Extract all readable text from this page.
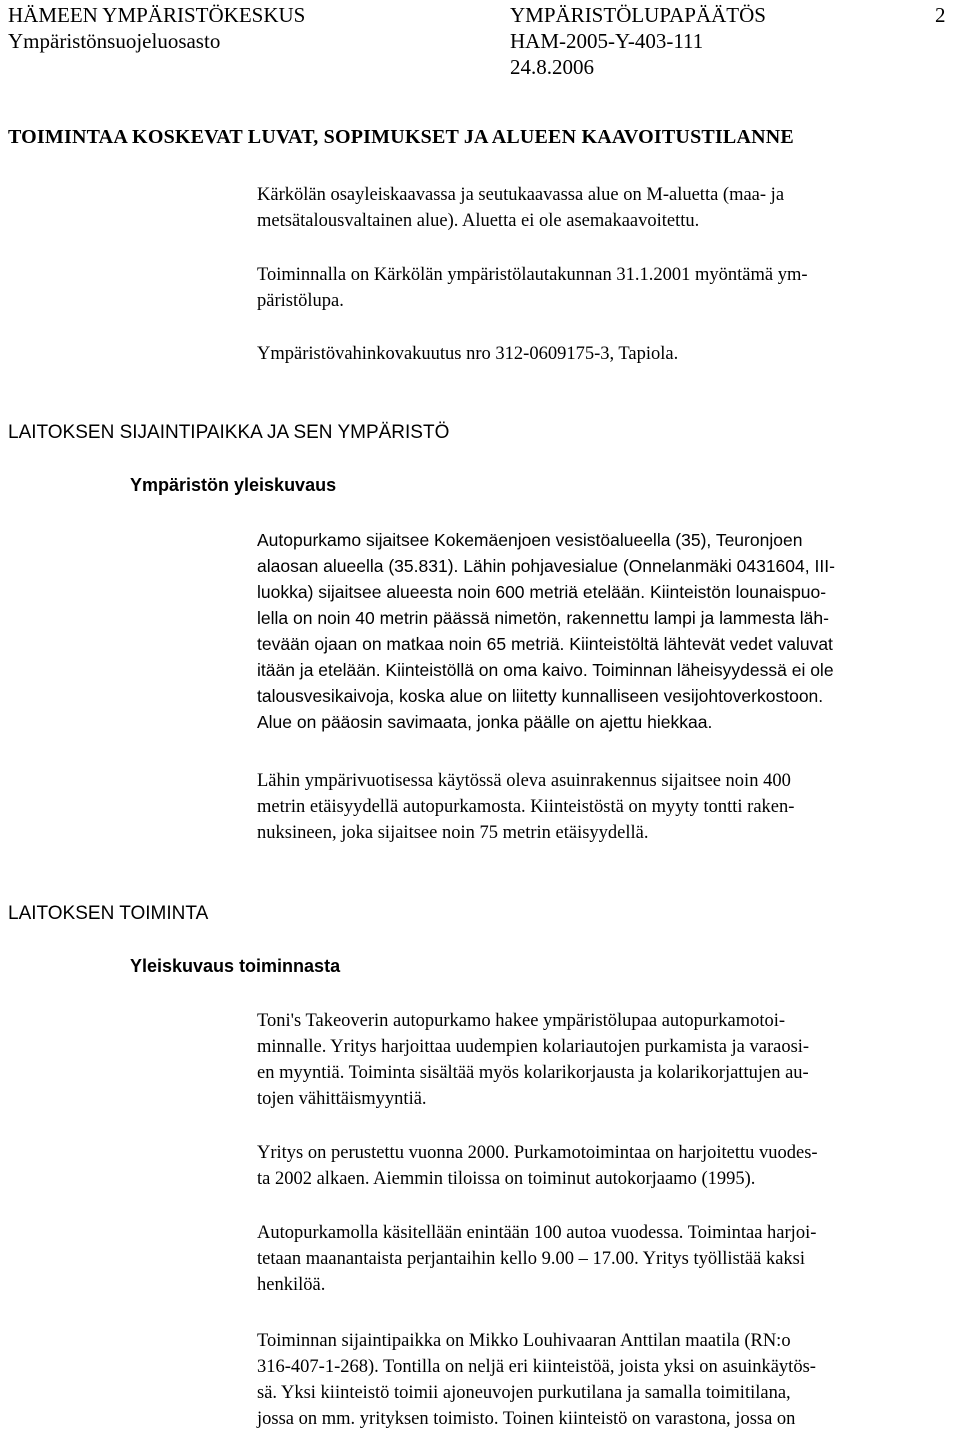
HÄMEEN YMPÄRISTÖKESKUS
Ympäristönsuojeluosasto
YMPÄRISTÖLUPAPÄÄTÖS
HAM-2005-Y-403-111
24.8.2006
2
TOIMINTAA KOSKEVAT LUVAT, SOPIMUKSET JA ALUEEN KAAVOITUSTILANNE
Kärkölän osayleiskaavassa ja seutukaavassa alue on M-aluetta (maa- ja
metsätalousvaltainen alue). Aluetta ei ole asemakaavoitettu.
Toiminnalla on Kärkölän ympäristölautakunnan 31.1.2001 myöntämä ym-
päristölupa.
Ympäristövahinkovakuutus nro 312-0609175-3, Tapiola.
LAITOKSEN SIJAINTIPAIKKA JA SEN YMPÄRISTÖ
Ympäristön yleiskuvaus
Autopurkamo sijaitsee Kokemäenjoen vesistöalueella (35), Teuronjoen
alaosan alueella (35.831). Lähin pohjavesialue (Onnelanmäki 0431604, III-
luokka) sijaitsee alueesta noin 600 metriä etelään. Kiinteistön lounaispuo-
lella on noin 40 metrin päässä nimetön, rakennettu lampi ja lammesta läh-
tevään ojaan on matkaa noin 65 metriä. Kiinteistöltä lähtevät vedet valuvat
itään ja etelään. Kiinteistöllä on oma kaivo. Toiminnan läheisyydessä ei ole
talousvesikaivoja, koska alue on liitetty kunnalliseen vesijohtoverkostoon.
Alue on pääosin savimaata, jonka päälle on ajettu hiekkaa.
Lähin ympärivuotisessa käytössä oleva asuinrakennus sijaitsee noin 400
metrin etäisyydellä autopurkamosta. Kiinteistöstä on myyty tontti raken-
nuksineen, joka sijaitsee noin 75 metrin etäisyydellä.
LAITOKSEN TOIMINTA
Yleiskuvaus toiminnasta
Toni's Takeoverin autopurkamo hakee ympäristölupaa autopurkamotoi-
minnalle. Yritys harjoittaa uudempien kolariautojen purkamista ja varaosi-
en myyntiä. Toiminta sisältää myös kolarikorjausta ja kolarikorjattujen au-
tojen vähittäismyyntiä.
Yritys on perustettu vuonna 2000. Purkamotoimintaa on harjoitettu vuodes-
ta 2002 alkaen. Aiemmin tiloissa on toiminut autokorjaamo (1995).
Autopurkamolla käsitellään enintään 100 autoa vuodessa. Toimintaa harjoi-
tetaan maanantaista perjantaihin kello 9.00 – 17.00. Yritys työllistää kaksi
henkilöä.
Toiminnan sijaintipaikka on Mikko Louhivaaran Anttilan maatila (RN:o
316-407-1-268). Tontilla on neljä eri kiinteistöä, joista yksi on asuinkäytös-
sä. Yksi kiinteistö toimii ajoneuvojen purkutilana ja samalla toimitilana,
jossa on mm. yrityksen toimisto. Toinen kiinteistö on varastona, jossa on
